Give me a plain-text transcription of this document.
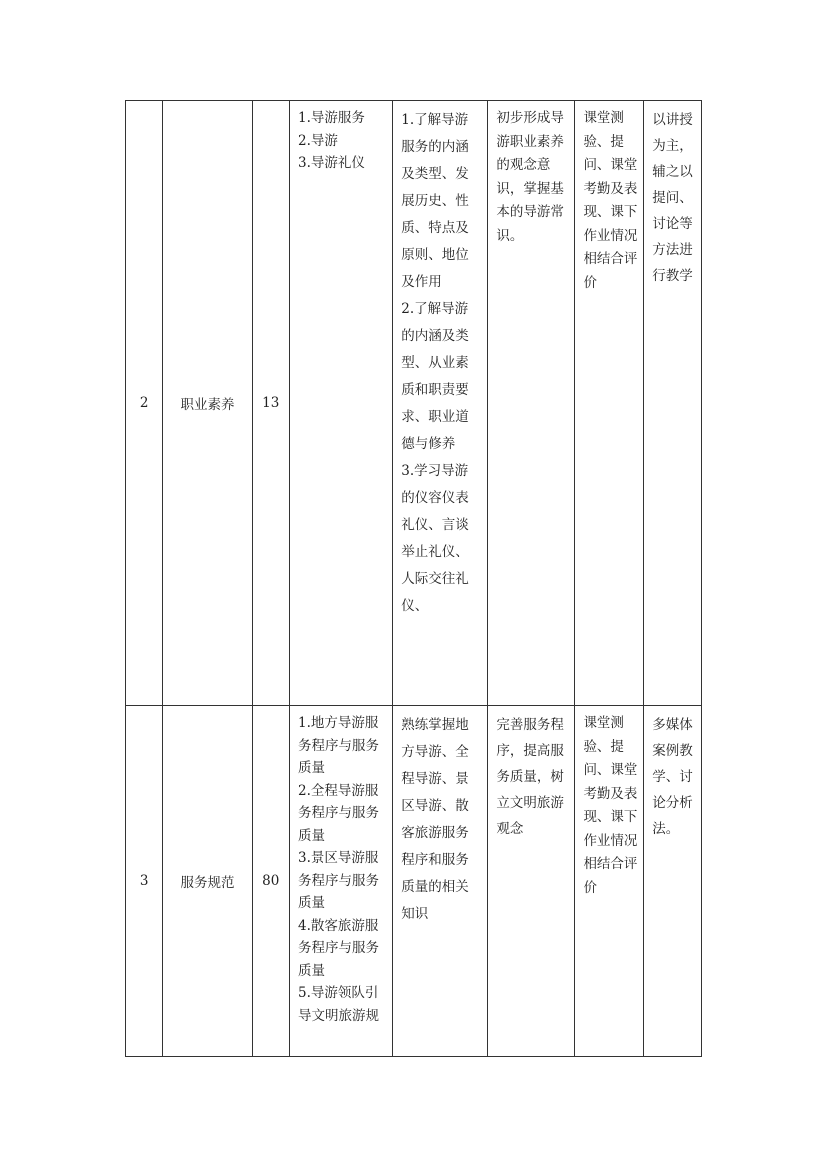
2	职业素养	13	1.导游服务
2.导游
3.导游礼仪	1.了解导游服务的内涵及类型、发展历史、性质、特点及原则、地位及作用
2.了解导游的内涵及类型、从业素质和职责要求、职业道德与修养
3.学习导游的仪容仪表礼仪、言谈举止礼仪、人际交往礼仪、	初步形成导游职业素养的观念意识，掌握基本的导游常识。	课堂测验、提问、课堂考勤及表现、课下作业情况相结合评价	以讲授为主，辅之以提问、讨论等方法进行教学

3	服务规范	80	1.地方导游服务程序与服务质量
2.全程导游服务程序与服务质量
3.景区导游服务程序与服务质量
4.散客旅游服务程序与服务质量
5.导游领队引导文明旅游规	熟练掌握地方导游、全程导游、景区导游、散客旅游服务程序和服务质量的相关知识	完善服务程序，提高服务质量，树立文明旅游观念	课堂测验、提问、课堂考勤及表现、课下作业情况相结合评价	多媒体案例教学、讨论分析法。
